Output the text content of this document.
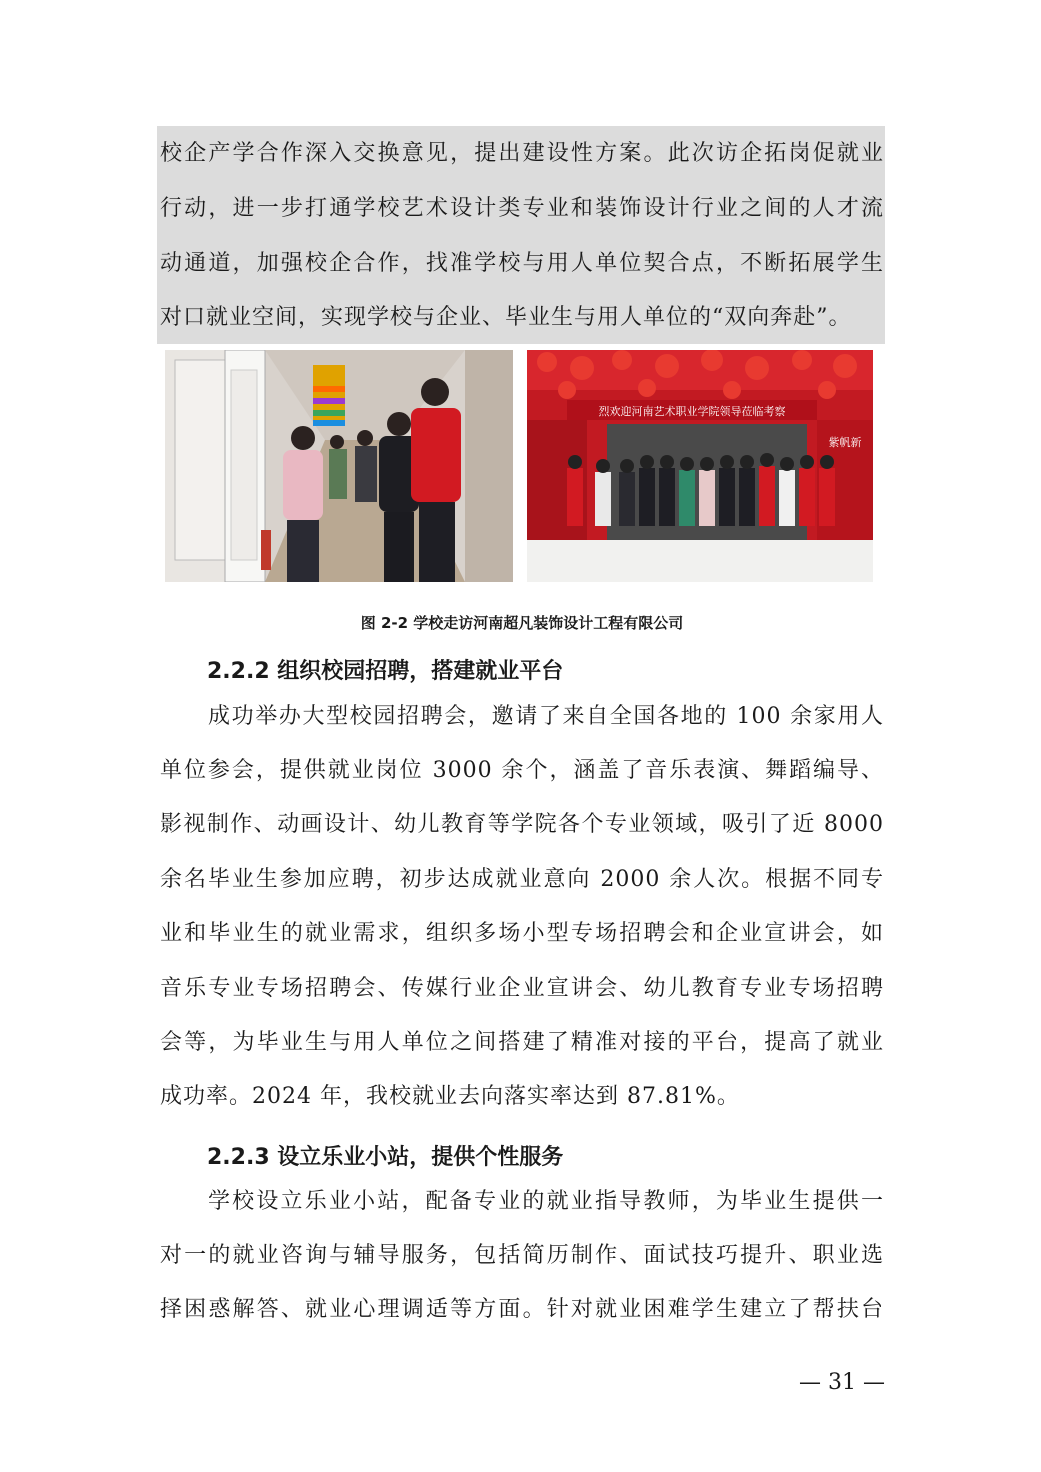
校企产学合作深入交换意见，提出建设性方案。此次访企拓岗促就业
行动，进一步打通学校艺术设计类专业和装饰设计行业之间的人才流
动通道，加强校企合作，找准学校与用人单位契合点，不断拓展学生
对口就业空间，实现学校与企业、毕业生与用人单位的“双向奔赴”。
烈欢迎河南艺术职业学院领导莅临考察
紫帆新
图 2-2 学校走访河南超凡装饰设计工程有限公司
2.2.2 组织校园招聘，搭建就业平台
成功举办大型校园招聘会，邀请了来自全国各地的 100 余家用人
单位参会，提供就业岗位 3000 余个，涵盖了音乐表演、舞蹈编导、
影视制作、动画设计、幼儿教育等学院各个专业领域，吸引了近 8000
余名毕业生参加应聘，初步达成就业意向 2000 余人次。根据不同专
业和毕业生的就业需求，组织多场小型专场招聘会和企业宣讲会，如
音乐专业专场招聘会、传媒行业企业宣讲会、幼儿教育专业专场招聘
会等，为毕业生与用人单位之间搭建了精准对接的平台，提高了就业
成功率。2024 年，我校就业去向落实率达到 87.81%。
2.2.3 设立乐业小站，提供个性服务
学校设立乐业小站，配备专业的就业指导教师，为毕业生提供一
对一的就业咨询与辅导服务，包括简历制作、面试技巧提升、职业选
择困惑解答、就业心理调适等方面。针对就业困难学生建立了帮扶台
— 31 —
